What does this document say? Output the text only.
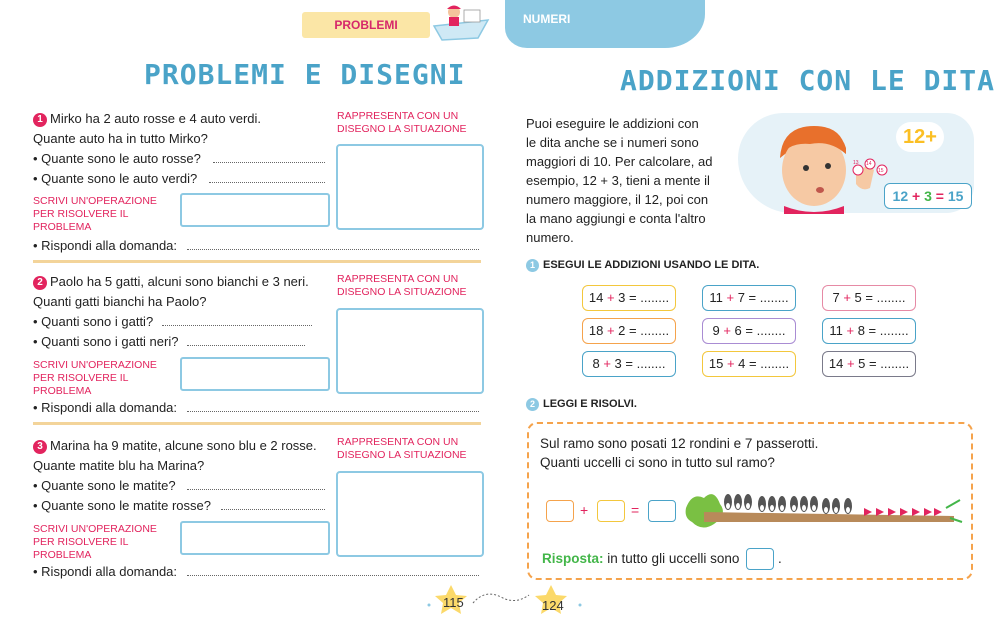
PROBLEMI	NUMERI
PROBLEMI E DISEGNI
1 Mirko ha 2 auto rosse e 4 auto verdi.
Quante auto ha in tutto Mirko?
• Quante sono le auto rosse?
• Quante sono le auto verdi?
SCRIVI UN'OPERAZIONE PER RISOLVERE IL PROBLEMA
RAPPRESENTA CON UN DISEGNO LA SITUAZIONE
• Rispondi alla domanda:
2 Paolo ha 5 gatti, alcuni sono bianchi e 3 neri.
Quanti gatti bianchi ha Paolo?
• Quanti sono i gatti?
• Quanti sono i gatti neri?
SCRIVI UN'OPERAZIONE PER RISOLVERE IL PROBLEMA
RAPPRESENTA CON UN DISEGNO LA SITUAZIONE
• Rispondi alla domanda:
3 Marina ha 9 matite, alcune sono blu e 2 rosse.
Quante matite blu ha Marina?
• Quante sono le matite?
• Quante sono le matite rosse?
SCRIVI UN'OPERAZIONE PER RISOLVERE IL PROBLEMA
RAPPRESENTA CON UN DISEGNO LA SITUAZIONE
• Rispondi alla domanda:
115	124
ADDIZIONI CON LE DITA
Puoi eseguire le addizioni con
le dita anche se i numeri sono
maggiori di 10. Per calcolare, ad
esempio, 12 + 3, tieni a mente il
numero maggiore, il 12, poi con
la mano aggiungi e conta l'altro
numero.
13 14
15
12+
12 + 3 = 15
1 ESEGUI LE ADDIZIONI USANDO LE DITA.
14 + 3 = ........	11 + 7 = ........	7 + 5 = ........
18 + 2 = ........	9 + 6 = ........	11 + 8 = ........
8 + 3 = ........	15 + 4 = ........	14 + 5 = ........
2 LEGGI E RISOLVI.
Sul ramo sono posati 12 rondini e 7 passerotti.
Quanti uccelli ci sono in tutto sul ramo?
+	=
Risposta: in tutto gli uccelli sono	.
